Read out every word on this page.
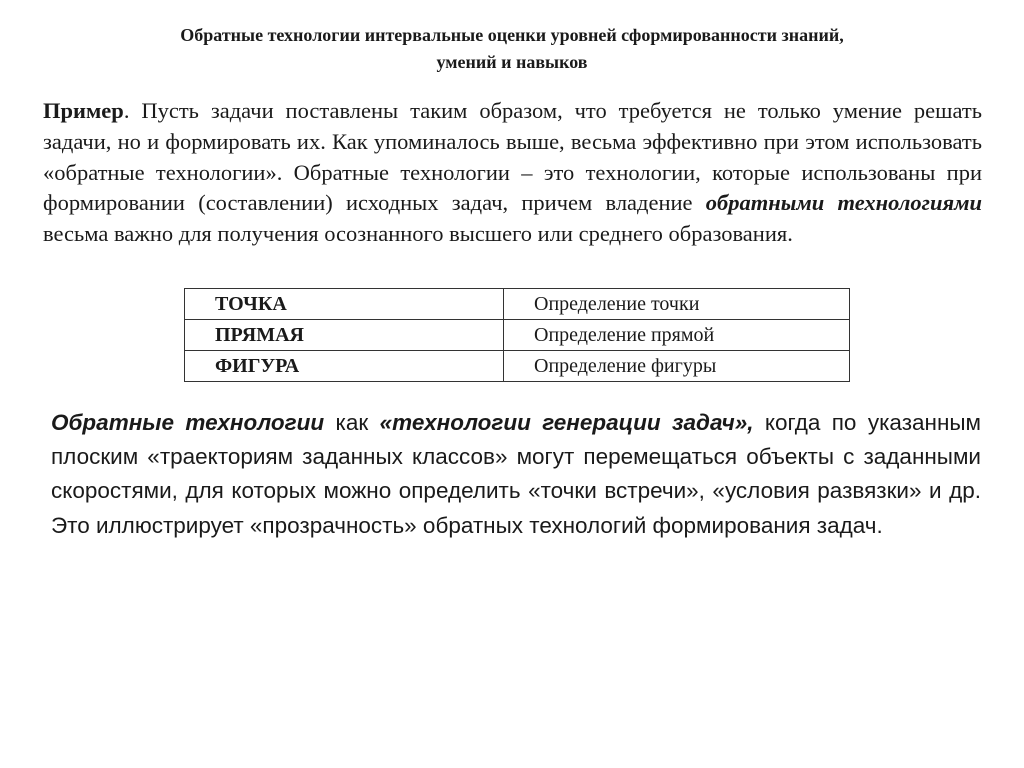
Обратные технологии интервальные оценки уровней сформированности знаний,
умений и навыков
Пример. Пусть задачи поставлены таким образом, что требуется не только умение решать задачи, но и формировать их. Как упоминалось выше, весьма эффективно при этом использовать «обратные технологии». Обратные технологии – это технологии, которые использованы при формировании (составлении) исходных задач, причем владение обратными технологиями весьма важно для получения осознанного высшего или среднего образования.
ТОЧКА	Определение точки
ПРЯМАЯ	Определение прямой
ФИГУРА	Определение фигуры
Обратные технологии как «технологии генерации задач», когда по указанным плоским «траекториям заданных классов» могут перемещаться объекты с заданными скоростями, для которых можно определить «точки встречи», «условия развязки» и др. Это иллюстрирует «прозрачность» обратных технологий формирования задач.
